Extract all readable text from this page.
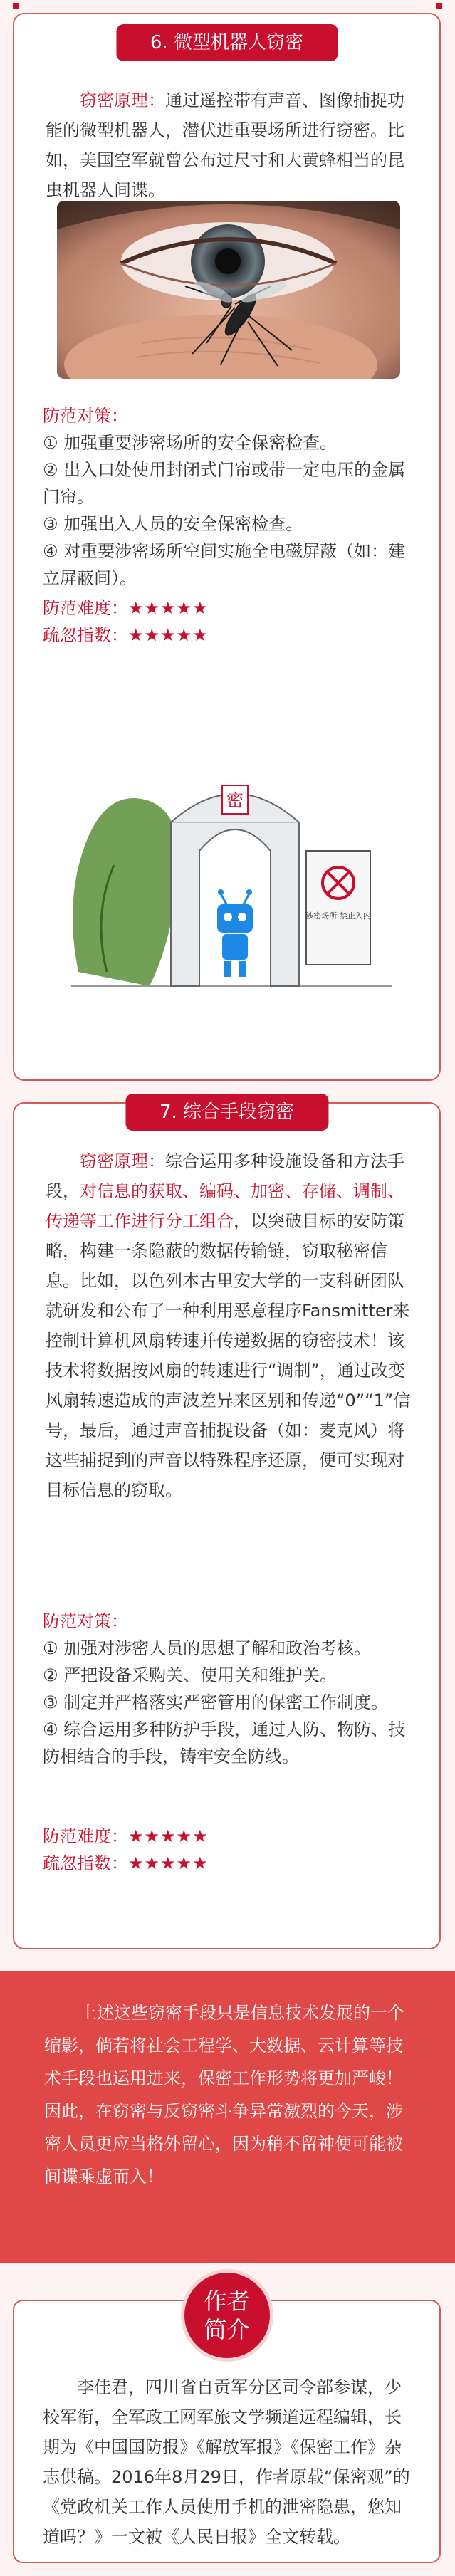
6. 微型机器人窃密
窃密原理：通过遥控带有声音、图像捕捉功能的微型机器人，潜伏进重要场所进行窃密。比如，美国空军就曾公布过尺寸和大黄蜂相当的昆虫机器人间谍。
防范对策：
① 加强重要涉密场所的安全保密检查。
② 出入口处使用封闭式门帘或带一定电压的金属门帘。
③ 加强出入人员的安全保密检查。
④ 对重要涉密场所空间实施全电磁屏蔽（如：建立屏蔽间）。
防范难度：★★★★★
疏忽指数：★★★★★
密
涉密场所 禁止入内
7. 综合手段窃密
窃密原理：综合运用多种设施设备和方法手段，对信息的获取、编码、加密、存储、调制、传递等工作进行分工组合，以突破目标的安防策略，构建一条隐蔽的数据传输链，窃取秘密信息。比如，以色列本古里安大学的一支科研团队就研发和公布了一种利用恶意程序Fansmitter来控制计算机风扇转速并传递数据的窃密技术！该技术将数据按风扇的转速进行“调制”，通过改变风扇转速造成的声波差异来区别和传递“0”“1”信号，最后，通过声音捕捉设备（如：麦克风）将这些捕捉到的声音以特殊程序还原，便可实现对目标信息的窃取。
防范对策：
① 加强对涉密人员的思想了解和政治考核。
② 严把设备采购关、使用关和维护关。
③ 制定并严格落实严密管用的保密工作制度。
④ 综合运用多种防护手段，通过人防、物防、技防相结合的手段，铸牢安全防线。
防范难度：★★★★★
疏忽指数：★★★★★
上述这些窃密手段只是信息技术发展的一个缩影，倘若将社会工程学、大数据、云计算等技术手段也运用进来，保密工作形势将更加严峻！因此，在窃密与反窃密斗争异常激烈的今天，涉密人员更应当格外留心，因为稍不留神便可能被间谍乘虚而入！
作者
简介
李佳君，四川省自贡军分区司令部参谋，少校军衔，全军政工网军旅文学频道远程编辑，长期为《中国国防报》《解放军报》《保密工作》杂志供稿。2016年8月29日，作者原载“保密观”的《党政机关工作人员使用手机的泄密隐患，您知道吗？》一文被《人民日报》全文转载。
